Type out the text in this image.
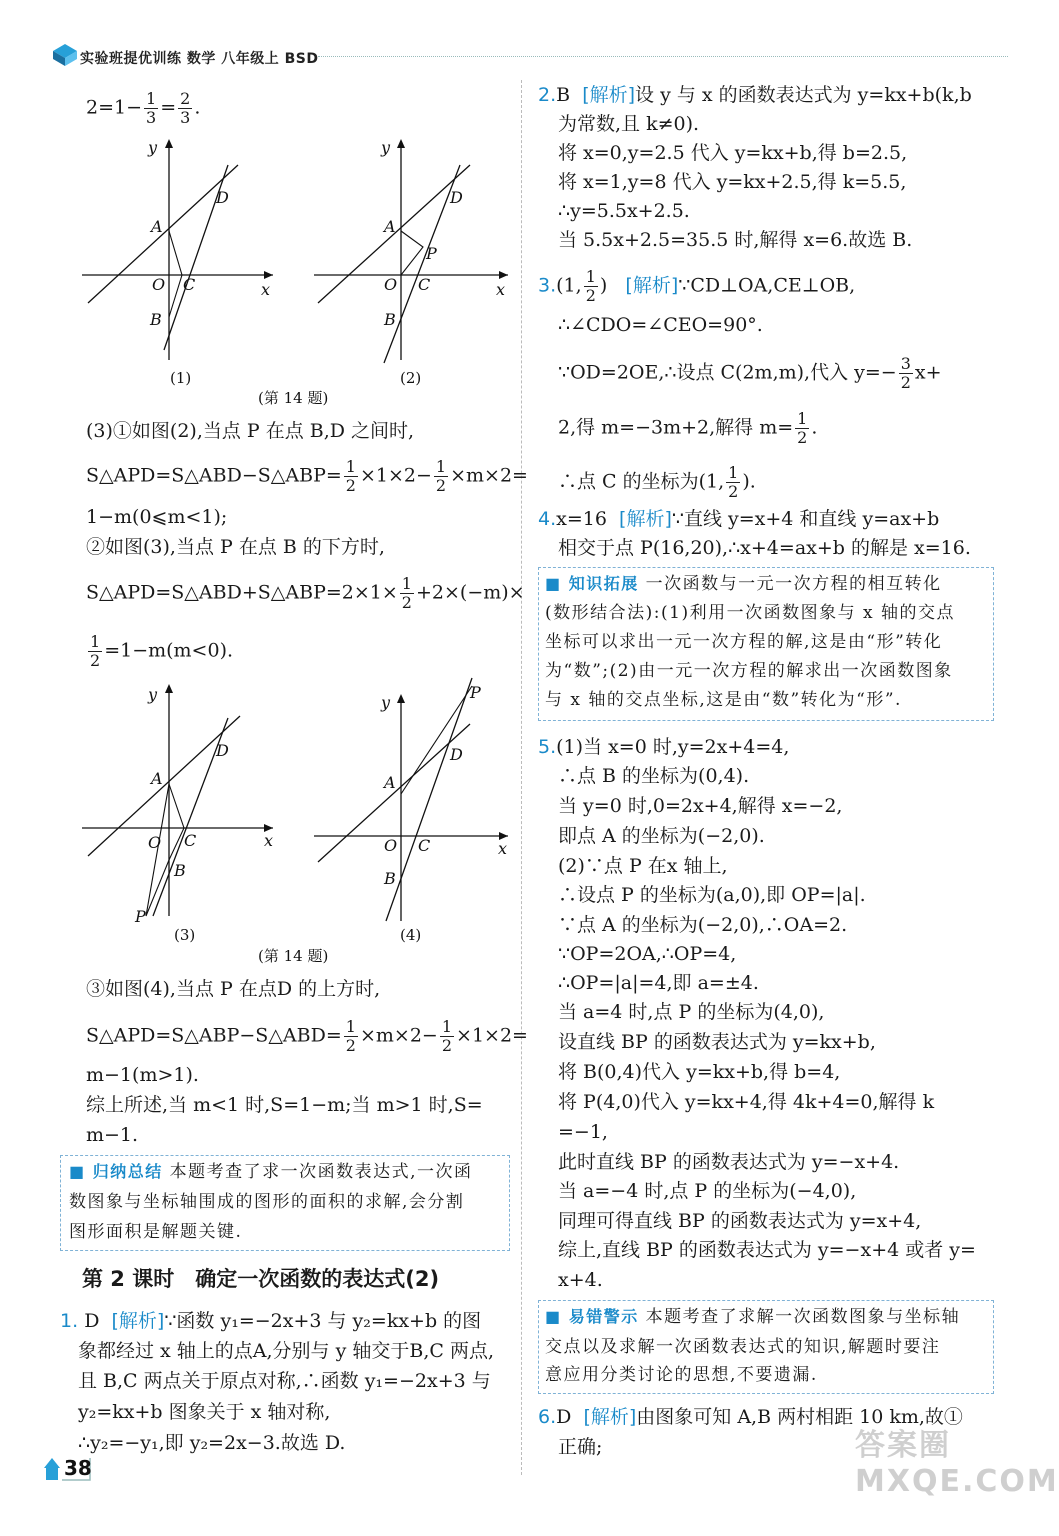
实验班提优训练 数学 八年级上 BSD
$2=1- \frac{1}{3} = \frac{2}{3}$ .
y
x
O C
A
B
D
(1)
y
x
O C
A
B
D
P
(2)
(第 14 题)
(3)①如图(2),当点 P 在点 B,D 之间时,
S△APD=S△ABD−S△ABP= $\frac{1}{2} \times 1\times 2- \frac{1}{2} \times m\times 2=$
1−m(0⩽m<1);
②如图(3),当点 P 在点 B 的下方时,
S△APD=S△ABD+S△ABP=2×1× $\frac{1}{2} +2\times(-m)\times$
$\frac{1}{2} =1-m(m<0)$.
y
x
O C
A
B
D
P
(3)
y
x
O C
A
B
D
P
(4)
(第 14 题)
③如图(4),当点 P 在点D 的上方时,
S△APD=S△ABP−S△ABD= $\frac{1}{2} \times m\times 2- \frac{1}{2} \times 1\times 2=$
m−1(m>1).
综上所述,当 m<1 时,S=1−m;当 m>1 时,S=
m−1.
■ 归纳总结 本题考查了求一次函数表达式,一次函
数图象与坐标轴围成的图形的面积的求解,会分割
图形面积是解题关键.
第 2 课时　确定一次函数的表达式(2)
1. D [解析]∵函数 y₁=−2x+3 与 y₂=kx+b 的图
象都经过 x 轴上的点A,分别与 y 轴交于B,C 两点,
且 B,C 两点关于原点对称,∴函数 y₁=−2x+3 与
y₂=kx+b 图象关于 x 轴对称,
∴y₂=−y₁,即 y₂=2x−3.故选 D.
2.B [解析]设 y 与 x 的函数表达式为 y=kx+b(k,b
为常数,且 k≠0).
将 x=0,y=2.5 代入 y=kx+b,得 b=2.5,
将 x=1,y=8 代入 y=kx+2.5,得 k=5.5,
∴y=5.5x+2.5.
当 5.5x+2.5=35.5 时,解得 x=6.故选 B.
3.(1, $\frac{1}{2}$ ) [解析]∵CD⊥OA,CE⊥OB,
∴∠CDO=∠CEO=90°.
∵OD=2OE,∴设点 C(2m,m),代入 $y=- \frac{3}{2} x+$
2,得 m=−3m+2,解得 $m= \frac{1}{2}$ .
∴点 C 的坐标为(1, $\frac{1}{2}$ ).
4.x=16 [解析]∵直线 y=x+4 和直线 y=ax+b
相交于点 P(16,20),∴x+4=ax+b 的解是 x=16.
■ 知识拓展 一次函数与一元一次方程的相互转化
(数形结合法):(1)利用一次函数图象与 x 轴的交点
坐标可以求出一元一次方程的解,这是由“形”转化
为“数”;(2)由一元一次方程的解求出一次函数图象
与 x 轴的交点坐标,这是由“数”转化为“形”.
5.(1)当 x=0 时,y=2x+4=4,
∴点 B 的坐标为(0,4).
当 y=0 时,0=2x+4,解得 x=−2,
即点 A 的坐标为(−2,0).
(2)∵点 P 在x 轴上,
∴设点 P 的坐标为(a,0),即 OP=|a|.
∵点 A 的坐标为(−2,0),∴OA=2.
∵OP=2OA,∴OP=4,
∴OP=|a|=4,即 a=±4.
当 a=4 时,点 P 的坐标为(4,0),
设直线 BP 的函数表达式为 y=kx+b,
将 B(0,4)代入 y=kx+b,得 b=4,
将 P(4,0)代入 y=kx+4,得 4k+4=0,解得 k
=−1,
此时直线 BP 的函数表达式为 y=−x+4.
当 a=−4 时,点 P 的坐标为(−4,0),
同理可得直线 BP 的函数表达式为 y=x+4,
综上,直线 BP 的函数表达式为 y=−x+4 或者 y=
x+4.
■ 易错警示 本题考查了求解一次函数图象与坐标轴
交点以及求解一次函数表达式的知识,解题时要注
意应用分类讨论的思想,不要遗漏.
6.D [解析]由图象可知 A,B 两村相距 10 km,故①
正确;
38
答案圈 MXQE.COM
